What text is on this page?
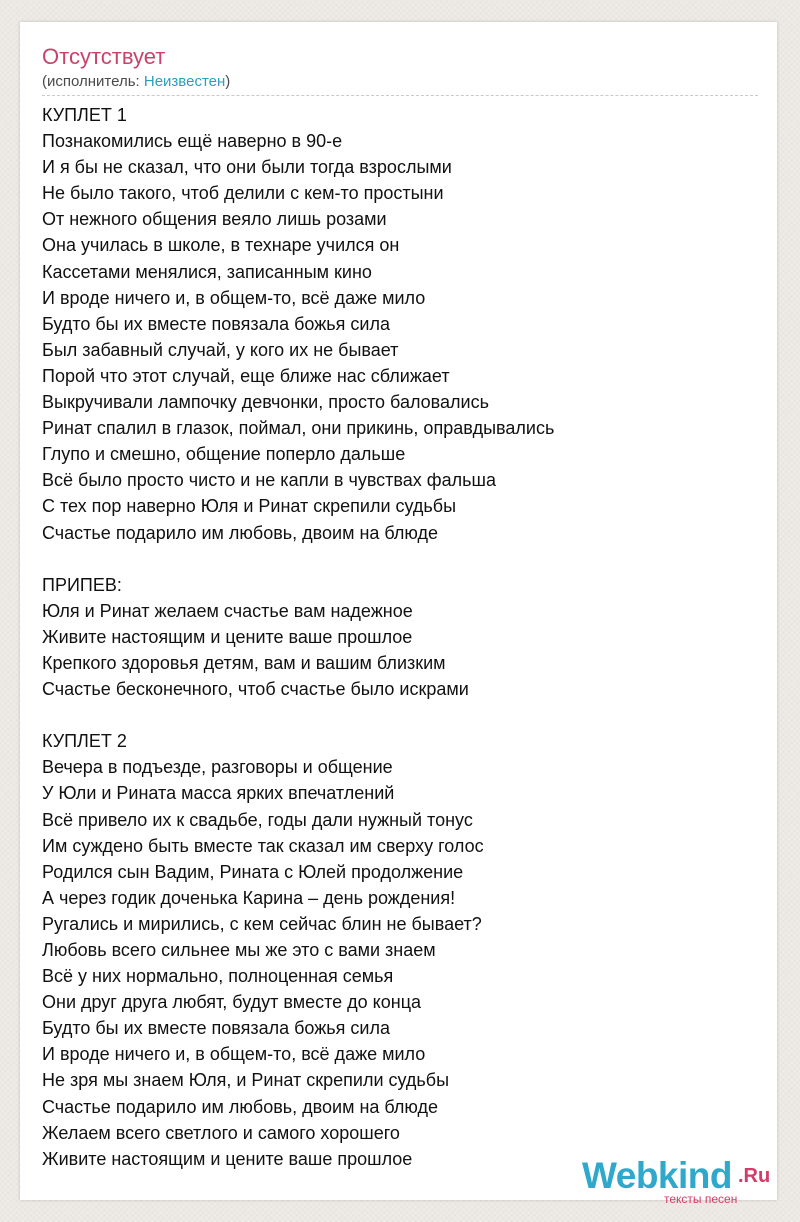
Отсутствует
(исполнитель: Неизвестен)
КУПЛЕТ 1
Познакомились ещё наверно в 90-е
И я бы не сказал, что они были тогда взрослыми
Не было такого, чтоб делили с кем-то простыни
От нежного общения веяло лишь розами
Она училась в школе, в технаре учился он
Кассетами менялися, записанным кино
И вроде ничего и, в общем-то, всё даже мило
Будто бы их вместе повязала божья сила
Был забавный случай, у кого их не бывает
Порой что этот случай, еще ближе нас сближает
Выкручивали лампочку девчонки, просто баловались
Ринат спалил в глазок, поймал, они прикинь, оправдывались
Глупо и смешно, общение поперло дальше
Всё было просто чисто и не капли в чувствах фальша
С тех пор наверно Юля и Ринат скрепили судьбы
Счастье подарило им любовь, двоим на блюде
ПРИПЕВ:
Юля и Ринат желаем счастье вам надежное
Живите настоящим и цените ваше прошлое
Крепкого здоровья детям, вам и вашим близким
Счастье бесконечного, чтоб счастье было искрами
КУПЛЕТ 2
Вечера в подъезде, разговоры и общение
У Юли и Рината масса ярких впечатлений
Всё привело их к свадьбе, годы дали нужный тонус
Им суждено быть вместе так сказал им сверху голос
Родился сын Вадим, Рината с Юлей продолжение
А через годик доченька Карина – день рождения!
Ругались и мирились, с кем сейчас блин не бывает?
Любовь всего сильнее мы же это с вами знаем
Всё у них нормально, полноценная семья
Они друг друга любят, будут вместе до конца
Будто бы их вместе повязала божья сила
И вроде ничего и, в общем-то, всё даже мило
Не зря мы знаем Юля, и Ринат скрепили судьбы
Счастье подарило им любовь, двоим на блюде
Желаем всего светлого и самого хорошего
Живите настоящим и цените ваше прошлое	Webkind .Ru
тексты песен
